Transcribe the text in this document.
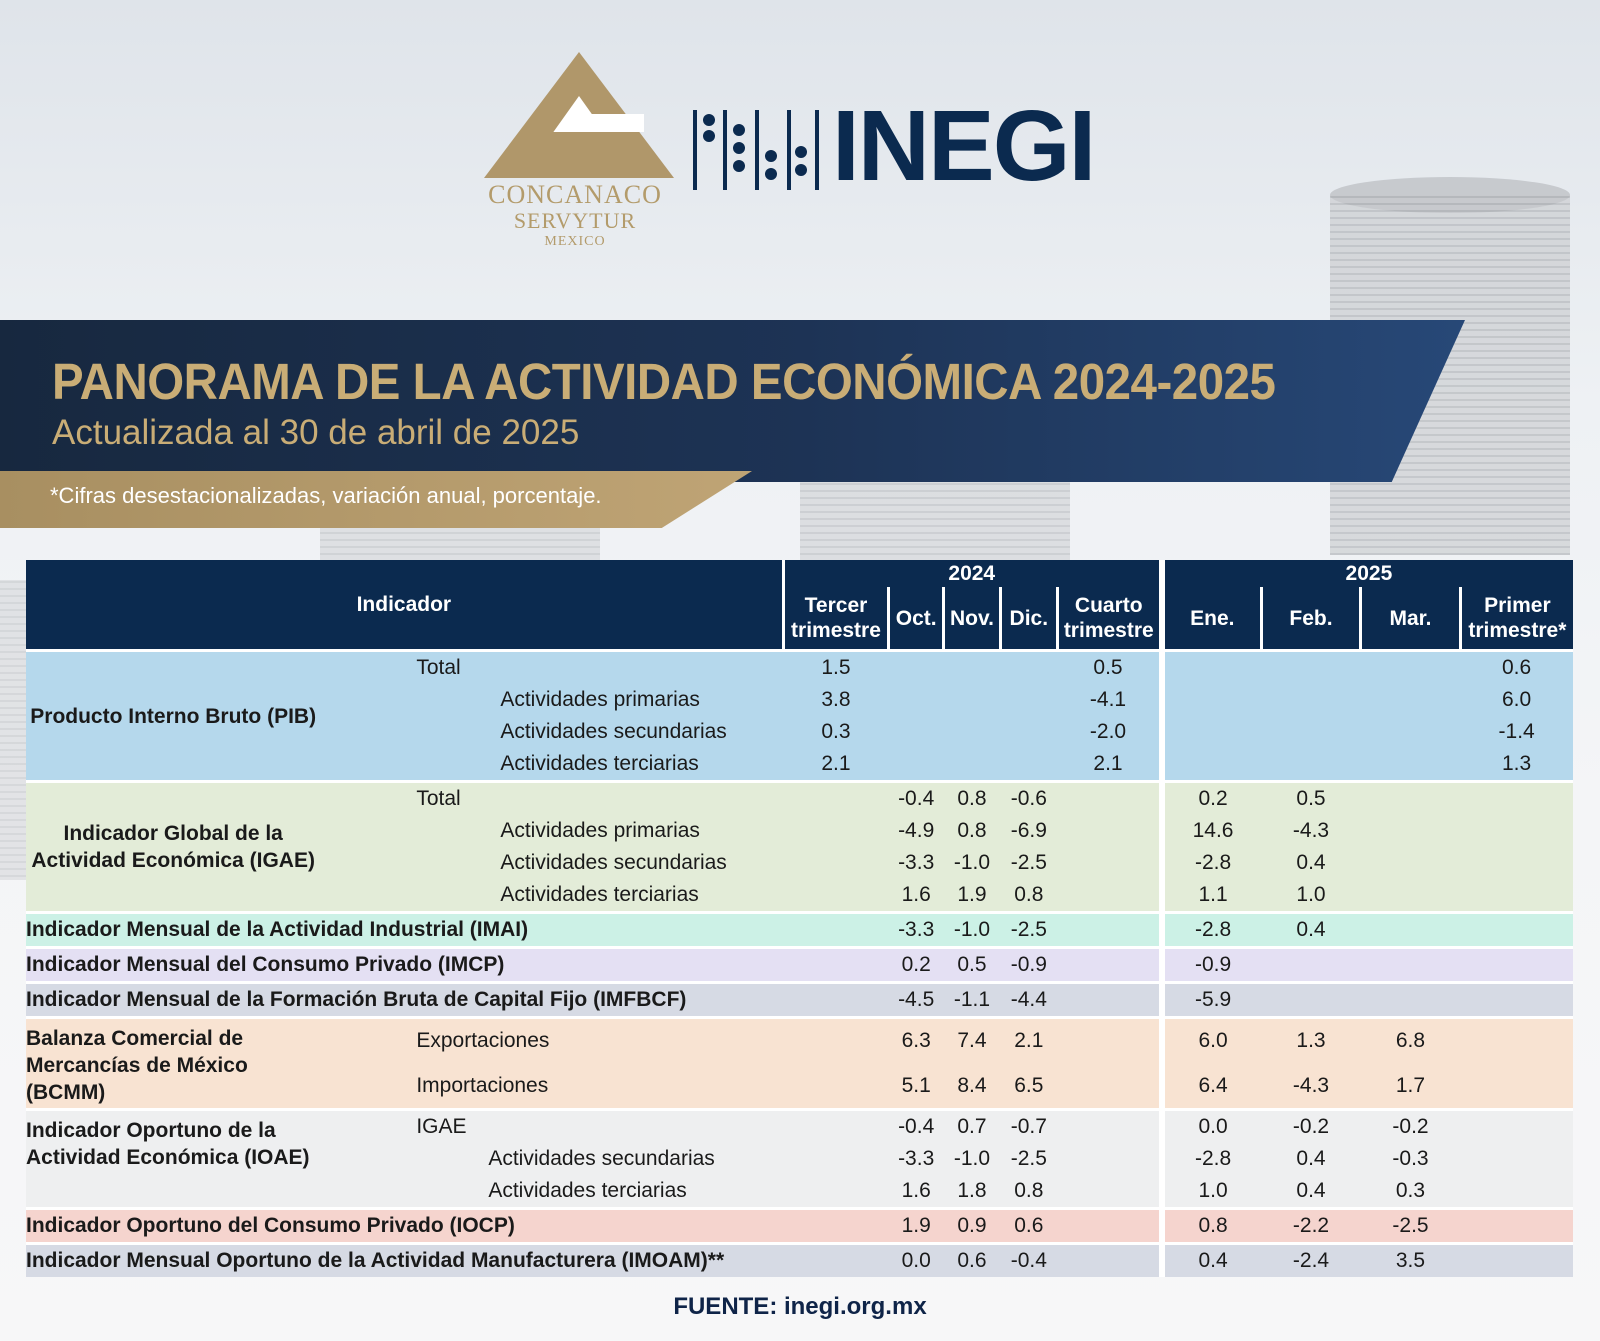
CONCANACO
SERVYTUR
MEXICO
INEGI
PANORAMA DE LA ACTIVIDAD ECONÓMICA 2024-2025
Actualizada al 30 de abril de 2025
*Cifras desestacionalizadas, variación anual, porcentaje.
Indicador		2024					2025			
		Tercer trimestre	Oct.	Nov.	Dic.	Cuarto trimestre	Ene.	Feb.	Mar.	Primer trimestre*
Producto Interno Bruto (PIB)	Total	1.5				0.5				0.6
	Actividades primarias	3.8				-4.1				6.0
	Actividades secundarias	0.3				-2.0				-1.4
	Actividades terciarias	2.1				2.1				1.3
Indicador Global de la Actividad Económica (IGAE)	Total		-0.4	0.8	-0.6		0.2	0.5		
	Actividades primarias		-4.9	0.8	-6.9		14.6	-4.3		
	Actividades secundarias		-3.3	-1.0	-2.5		-2.8	0.4		
	Actividades terciarias		1.6	1.9	0.8		1.1	1.0		
Indicador Mensual de la Actividad Industrial (IMAI)			-3.3	-1.0	-2.5		-2.8	0.4		
Indicador Mensual del Consumo Privado (IMCP)			0.2	0.5	-0.9		-0.9			
Indicador Mensual de la Formación Bruta de Capital Fijo (IMFBCF)			-4.5	-1.1	-4.4		-5.9			
Balanza Comercial de Mercancías de México (BCMM)	Exportaciones		6.3	7.4	2.1		6.0	1.3	6.8	
	Importaciones		5.1	8.4	6.5		6.4	-4.3	1.7	
Indicador Oportuno de la Actividad Económica (IOAE)	IGAE		-0.4	0.7	-0.7		0.0	-0.2	-0.2	
	Actividades secundarias		-3.3	-1.0	-2.5		-2.8	0.4	-0.3	
	Actividades terciarias		1.6	1.8	0.8		1.0	0.4	0.3	
Indicador Oportuno del Consumo Privado (IOCP)			1.9	0.9	0.6		0.8	-2.2	-2.5	
Indicador Mensual Oportuno de la Actividad Manufacturera (IMOAM)**			0.0	0.6	-0.4		0.4	-2.4	3.5	
FUENTE: inegi.org.mx
